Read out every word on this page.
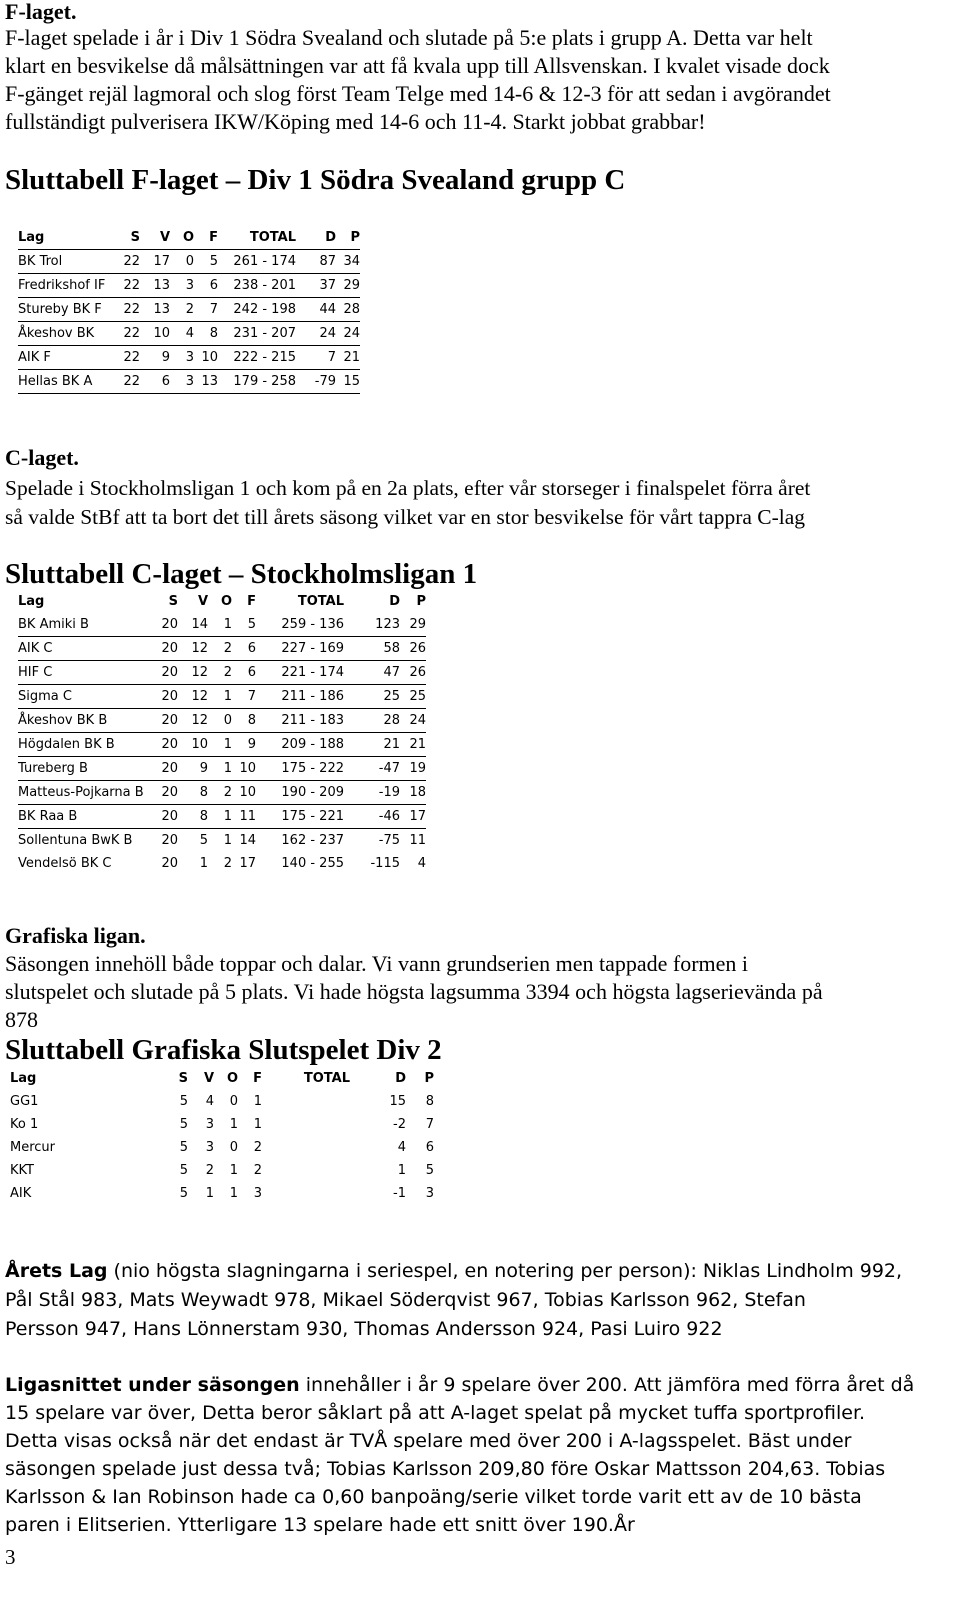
F-laget.
F-laget spelade i år i Div 1 Södra Svealand och slutade på 5:e plats i grupp A. Detta var helt
klart en besvikelse då målsättningen var att få kvala upp till Allsvenskan. I kvalet visade dock
F-gänget rejäl lagmoral och slog först Team Telge med 14-6 & 12-3 för att sedan i avgörandet
fullständigt pulverisera IKW/Köping med 14-6 och 11-4. Starkt jobbat grabbar!
Sluttabell F-laget – Div 1 Södra Svealand grupp C
Lag	S	V	O	F	TOTAL	D	P
BK Trol	22	17	0	5	261 - 174	87	34
Fredrikshof IF	22	13	3	6	238 - 201	37	29
Stureby BK F	22	13	2	7	242 - 198	44	28
Åkeshov BK	22	10	4	8	231 - 207	24	24
AIK F	22	9	3	10	222 - 215	7	21
Hellas BK A	22	6	3	13	179 - 258	-79	15
C-laget.
Spelade i Stockholmsligan 1 och kom på en 2a plats, efter vår storseger i finalspelet förra året
så valde StBf att ta bort det till årets säsong vilket var en stor besvikelse för vårt tappra C-lag
Sluttabell C-laget – Stockholmsligan 1
Lag	S	V	O	F	TOTAL	D	P
BK Amiki B	20	14	1	5	259 - 136	123	29
AIK C	20	12	2	6	227 - 169	58	26
HIF C	20	12	2	6	221 - 174	47	26
Sigma C	20	12	1	7	211 - 186	25	25
Åkeshov BK B	20	12	0	8	211 - 183	28	24
Högdalen BK B	20	10	1	9	209 - 188	21	21
Tureberg B	20	9	1	10	175 - 222	-47	19
Matteus-Pojkarna B	20	8	2	10	190 - 209	-19	18
BK Raa B	20	8	1	11	175 - 221	-46	17
Sollentuna BwK B	20	5	1	14	162 - 237	-75	11
Vendelsö BK C	20	1	2	17	140 - 255	-115	4
Grafiska ligan.
Säsongen innehöll både toppar och dalar. Vi vann grundserien men tappade formen i
slutspelet och slutade på 5 plats. Vi hade högsta lagsumma 3394 och högsta lagserievända på
878
Sluttabell Grafiska Slutspelet Div 2
Lag	S	V	O	F	TOTAL	D	P
GG1	5	4	0	1		15	8
Ko 1	5	3	1	1		-2	7
Mercur	5	3	0	2		4	6
KKT	5	2	1	2		1	5
AIK	5	1	1	3		-1	3
Årets Lag (nio högsta slagningarna i seriespel, en notering per person): Niklas Lindholm 992,
Pål Stål 983, Mats Weywadt 978, Mikael Söderqvist 967, Tobias Karlsson 962, Stefan
Persson 947, Hans Lönnerstam 930, Thomas Andersson 924, Pasi Luiro 922
Ligasnittet under säsongen innehåller i år 9 spelare över 200. Att jämföra med förra året då
15 spelare var över, Detta beror såklart på att A-laget spelat på mycket tuffa sportprofiler.
Detta visas också när det endast är TVÅ spelare med över 200 i A-lagsspelet. Bäst under
säsongen spelade just dessa två; Tobias Karlsson 209,80 före Oskar Mattsson 204,63. Tobias
Karlsson & Ian Robinson hade ca 0,60 banpoäng/serie vilket torde varit ett av de 10 bästa
paren i Elitserien. Ytterligare 13 spelare hade ett snitt över 190.År
3
